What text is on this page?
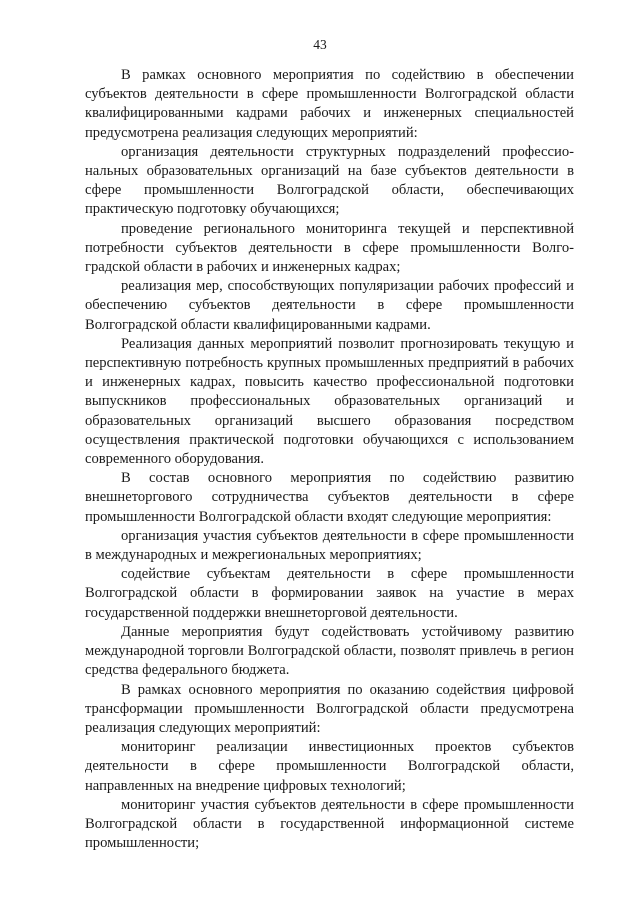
43

В рамках основного мероприятия по содействию в обеспечении субъектов деятельности в сфере промышленности Волгоградской области квалифицированными кадрами рабочих и инженерных специальностей предусмотрена реализация следующих мероприятий:

организация деятельности структурных подразделений профессиональных образовательных организаций на базе субъектов деятельности в сфере промышленности Волгоградской области, обеспечивающих практическую подготовку обучающихся;

проведение регионального мониторинга текущей и перспективной потребности субъектов деятельности в сфере промышленности Волгоградской области в рабочих и инженерных кадрах;

реализация мер, способствующих популяризации рабочих профессий и обеспечению субъектов деятельности в сфере промышленности Волгоградской области квалифицированными кадрами.

Реализация данных мероприятий позволит прогнозировать текущую и перспективную потребность крупных промышленных предприятий в рабочих и инженерных кадрах, повысить качество профессиональной подготовки выпускников профессиональных образовательных организаций и образовательных организаций высшего образования посредством осуществления практической подготовки обучающихся с использованием современного оборудования.

В состав основного мероприятия по содействию развитию внешнеторгового сотрудничества субъектов деятельности в сфере промышленности Волгоградской области входят следующие мероприятия:

организация участия субъектов деятельности в сфере промышленности в международных и межрегиональных мероприятиях;

содействие субъектам деятельности в сфере промышленности Волгоградской области в формировании заявок на участие в мерах государственной поддержки внешнеторговой деятельности.

Данные мероприятия будут содействовать устойчивому развитию международной торговли Волгоградской области, позволят привлечь в регион средства федерального бюджета.

В рамках основного мероприятия по оказанию содействия цифровой трансформации промышленности Волгоградской области предусмотрена реализация следующих мероприятий:

мониторинг реализации инвестиционных проектов субъектов деятельности в сфере промышленности Волгоградской области, направленных на внедрение цифровых технологий;

мониторинг участия субъектов деятельности в сфере промышленности Волгоградской области в государственной информационной системе промышленности;
